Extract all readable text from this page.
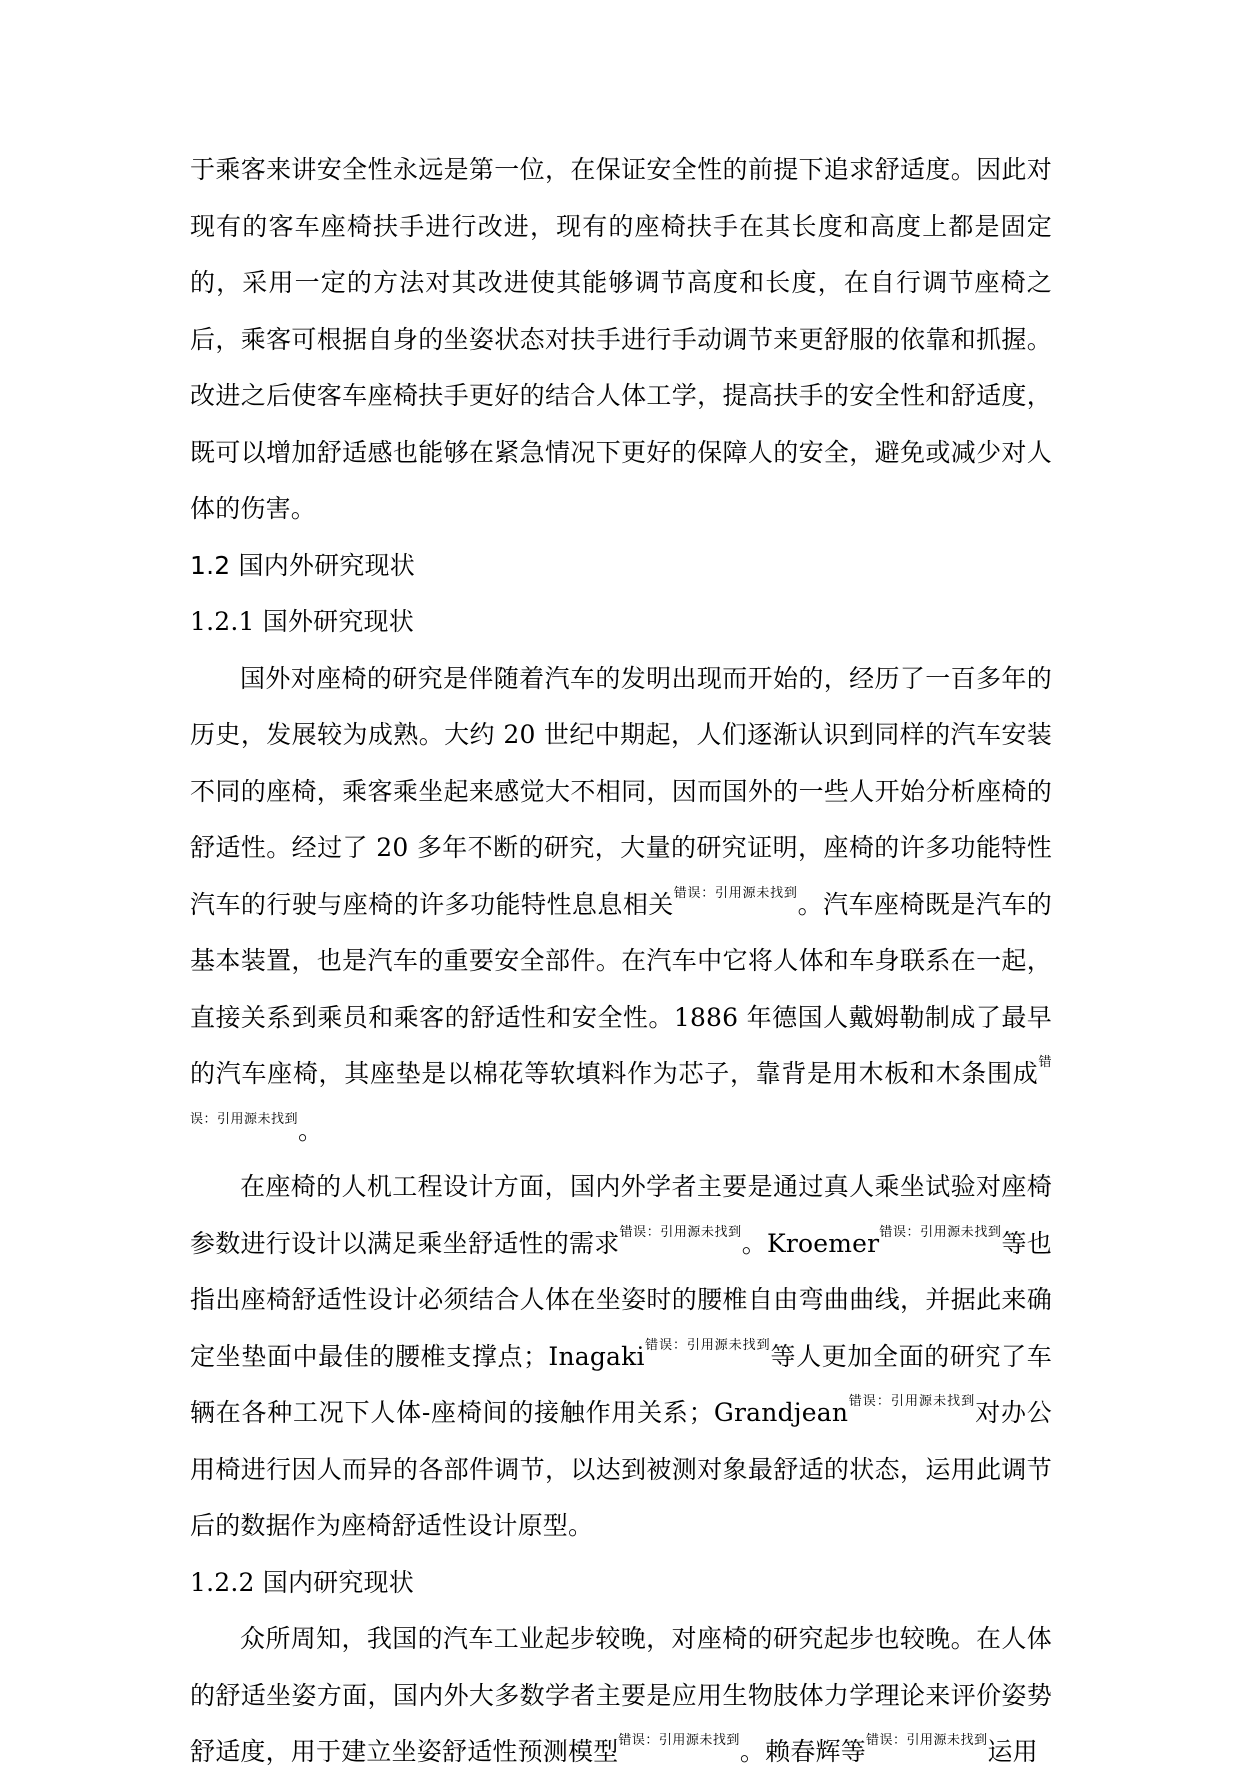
于乘客来讲安全性永远是第一位，在保证安全性的前提下追求舒适度。因此对现有的客车座椅扶手进行改进，现有的座椅扶手在其长度和高度上都是固定的，采用一定的方法对其改进使其能够调节高度和长度，在自行调节座椅之后，乘客可根据自身的坐姿状态对扶手进行手动调节来更舒服的依靠和抓握。改进之后使客车座椅扶手更好的结合人体工学，提高扶手的安全性和舒适度，既可以增加舒适感也能够在紧急情况下更好的保障人的安全，避免或减少对人体的伤害。

1.2 国内外研究现状
1.2.1 国外研究现状

国外对座椅的研究是伴随着汽车的发明出现而开始的，经历了一百多年的历史，发展较为成熟。大约 20 世纪中期起，人们逐渐认识到同样的汽车安装不同的座椅，乘客乘坐起来感觉大不相同，因而国外的一些人开始分析座椅的舒适性。经过了 20 多年不断的研究，大量的研究证明，座椅的许多功能特性汽车的行驶与座椅的许多功能特性息息相关$^{错误:引用源未找到}$。汽车座椅既是汽车的基本装置，也是汽车的重要安全部件。在汽车中它将人体和车身联系在一起，直接关系到乘员和乘客的舒适性和安全性。1886 年德国人戴姆勒制成了最早的汽车座椅，其座垫是以棉花等软填料作为芯子，靠背是用木板和木条围成$^{错误:引用源未找到}$。

在座椅的人机工程设计方面，国内外学者主要是通过真人乘坐试验对座椅参数进行设计以满足乘坐舒适性的需求$^{错误:引用源未找到}$。Kroemer$^{错误:引用源未找到}$等也指出座椅舒适性设计必须结合人体在坐姿时的腰椎自由弯曲曲线，并据此来确定坐垫面中最佳的腰椎支撑点；Inagaki$^{错误:引用源未找到}$等人更加全面的研究了车辆在各种工况下人体-座椅间的接触作用关系；Grandjean$^{错误:引用源未找到}$对办公用椅进行因人而异的各部件调节，以达到被测对象最舒适的状态，运用此调节后的数据作为座椅舒适性设计原型。

1.2.2 国内研究现状

众所周知，我国的汽车工业起步较晚，对座椅的研究起步也较晚。在人体的舒适坐姿方面，国内外大多数学者主要是应用生物肢体力学理论来评价姿势舒适度，用于建立坐姿舒适性预测模型$^{错误:引用源未找到}$。赖春辉等$^{错误:引用源未找到}$运用
